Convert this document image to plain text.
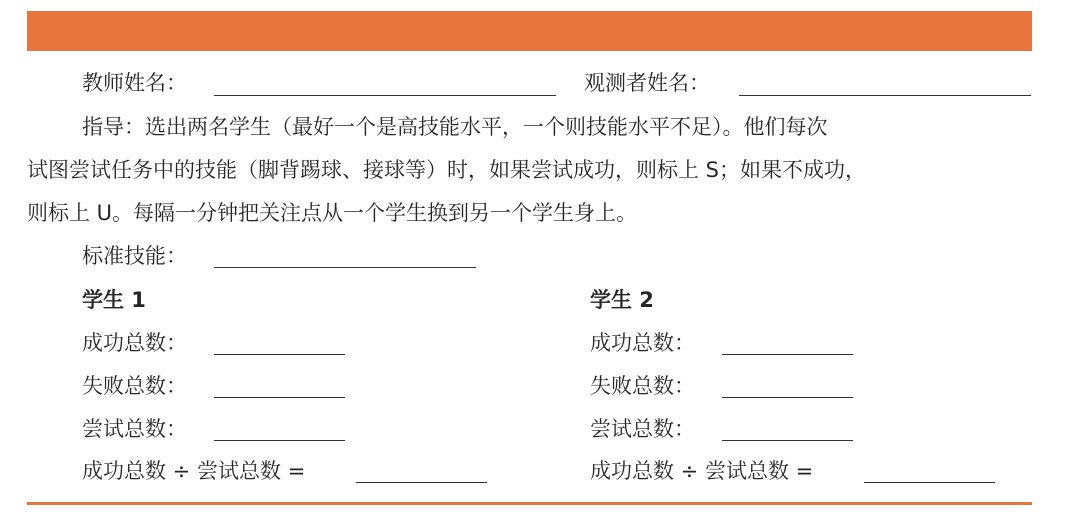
教师姓名：	观测者姓名：
指导：选出两名学生（最好一个是高技能水平，一个则技能水平不足）。他们每次
试图尝试任务中的技能（脚背踢球、接球等）时，如果尝试成功，则标上 S；如果不成功，
则标上 U。每隔一分钟把关注点从一个学生换到另一个学生身上。
标准技能：
学生 1
成功总数：
失败总数：
尝试总数：
成功总数 ÷ 尝试总数 =
学生 2
成功总数：
失败总数：
尝试总数：
成功总数 ÷ 尝试总数 =
